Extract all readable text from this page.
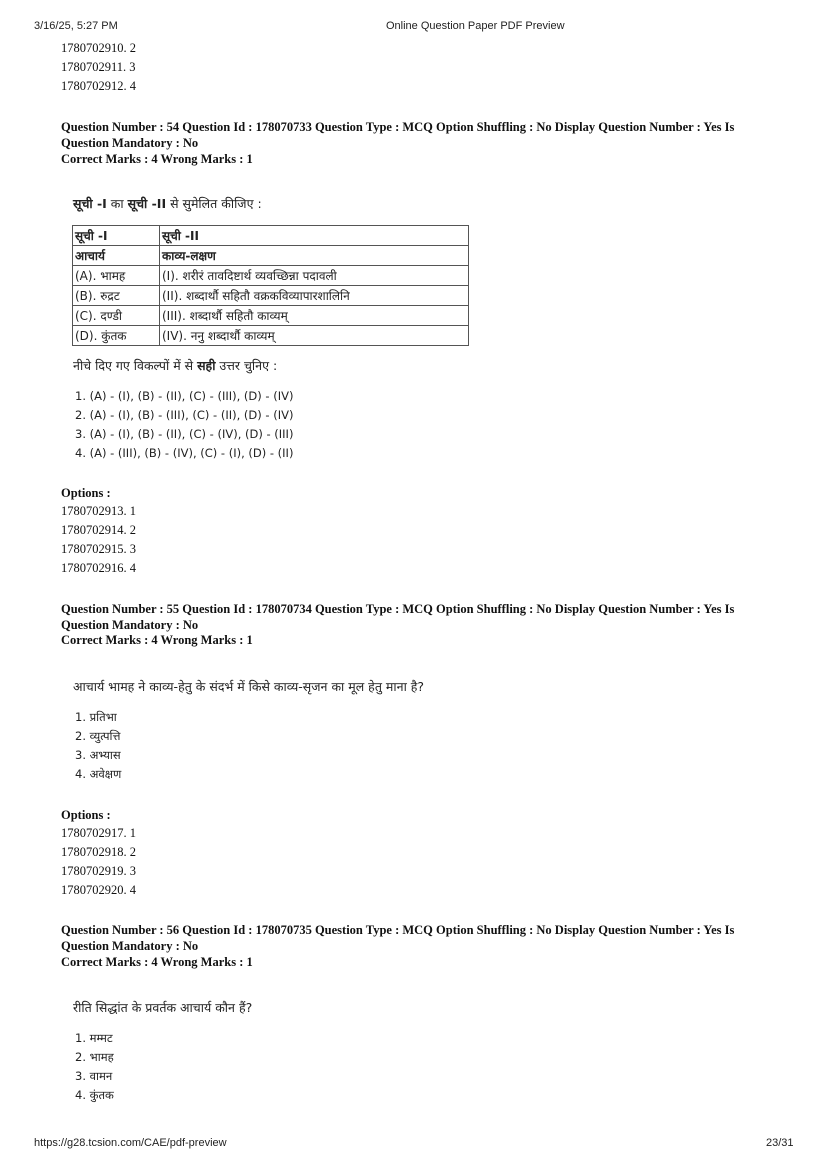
3/16/25, 5:27 PM	Online Question Paper PDF Preview
https://g28.tcsion.com/CAE/pdf-preview	23/31
1780702910. 2
1780702911. 3
1780702912. 4
Question Number : 54 Question Id : 178070733 Question Type : MCQ Option Shuffling : No Display Question Number : Yes Is Question Mandatory : No
Correct Marks : 4 Wrong Marks : 1
सूची -I का सूची -II से सुमेलित कीजिए :
सूची -I	सूची -II
आचार्य	काव्य-लक्षण
(A). भामह	(I). शरीरं तावदिष्टार्थ व्यवच्छिन्ना पदावली
(B). रुद्रट	(II). शब्दार्थौ सहितौ वक्रकविव्यापारशालिनि
(C). दण्डी	(III). शब्दार्थौ सहितौ काव्यम्
(D). कुंतक	(IV). ननु शब्दार्थौ काव्यम्
नीचे दिए गए विकल्पों में से सही उत्तर चुनिए :
1. (A) - (I), (B) - (II), (C) - (III), (D) - (IV)
2. (A) - (I), (B) - (III), (C) - (II), (D) - (IV)
3. (A) - (I), (B) - (II), (C) - (IV), (D) - (III)
4. (A) - (III), (B) - (IV), (C) - (I), (D) - (II)
Options :
1780702913. 1
1780702914. 2
1780702915. 3
1780702916. 4
Question Number : 55 Question Id : 178070734 Question Type : MCQ Option Shuffling : No Display Question Number : Yes Is Question Mandatory : No
Correct Marks : 4 Wrong Marks : 1
आचार्य भामह ने काव्य-हेतु के संदर्भ में किसे काव्य-सृजन का मूल हेतु माना है?
1. प्रतिभा
2. व्युत्पत्ति
3. अभ्यास
4. अवेक्षण
Options :
1780702917. 1
1780702918. 2
1780702919. 3
1780702920. 4
Question Number : 56 Question Id : 178070735 Question Type : MCQ Option Shuffling : No Display Question Number : Yes Is Question Mandatory : No
Correct Marks : 4 Wrong Marks : 1
रीति सिद्धांत के प्रवर्तक आचार्य कौन हैं?
1. मम्मट
2. भामह
3. वामन
4. कुंतक
